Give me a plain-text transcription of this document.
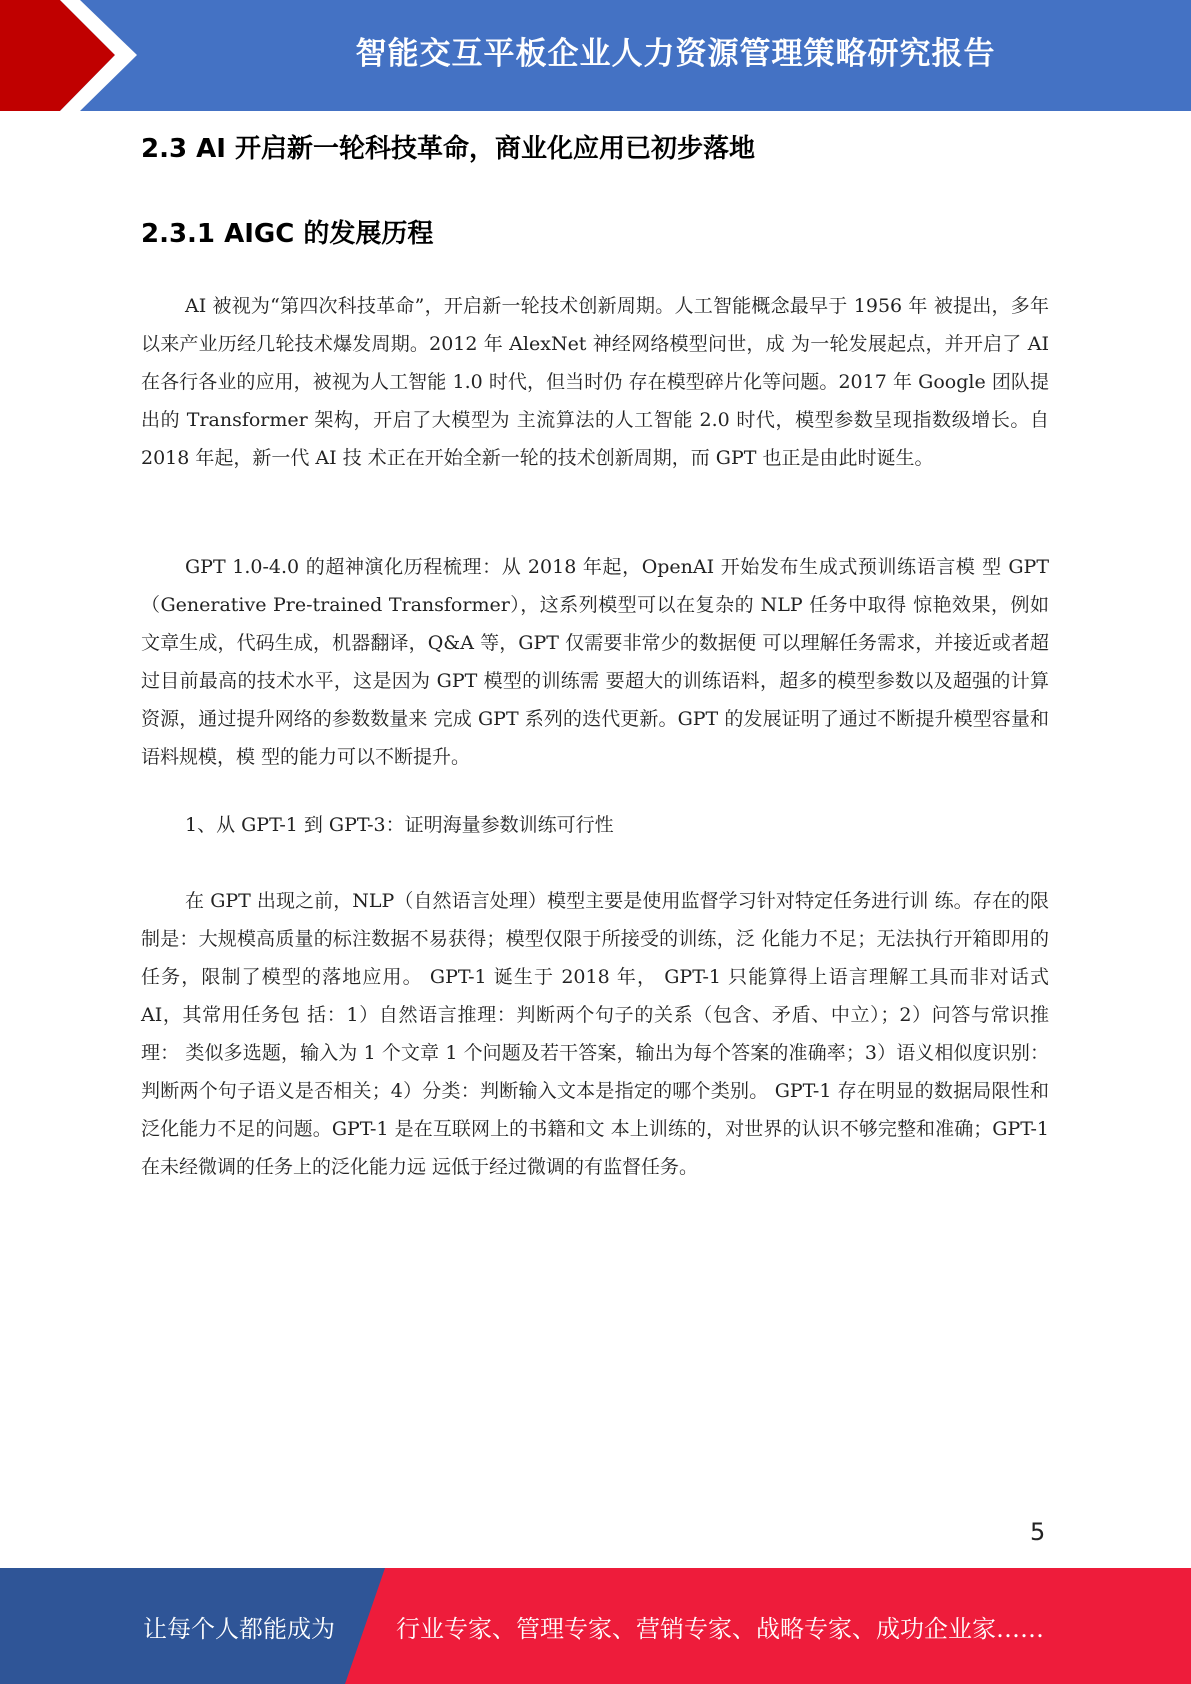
智能交互平板企业人力资源管理策略研究报告
2.3 AI 开启新一轮科技革命，商业化应用已初步落地
2.3.1 AIGC 的发展历程

AI 被视为“第四次科技革命”，开启新一轮技术创新周期。人工智能概念最早于 1956 年 被提出，多年以来产业历经几轮技术爆发周期。2012 年 AlexNet 神经网络模型问世，成 为一轮发展起点，并开启了 AI 在各行各业的应用，被视为人工智能 1.0 时代，但当时仍 存在模型碎片化等问题。2017 年 Google 团队提出的 Transformer 架构，开启了大模型为 主流算法的人工智能 2.0 时代，模型参数呈现指数级增长。自 2018 年起，新一代 AI 技 术正在开始全新一轮的技术创新周期，而 GPT 也正是由此时诞生。

GPT 1.0-4.0 的超神演化历程梳理：从 2018 年起，OpenAI 开始发布生成式预训练语言模 型 GPT（Generative Pre-trained Transformer），这系列模型可以在复杂的 NLP 任务中取得 惊艳效果，例如文章生成，代码生成，机器翻译，Q&A 等，GPT 仅需要非常少的数据便 可以理解任务需求，并接近或者超过目前最高的技术水平，这是因为 GPT 模型的训练需 要超大的训练语料，超多的模型参数以及超强的计算资源，通过提升网络的参数数量来 完成 GPT 系列的迭代更新。GPT 的发展证明了通过不断提升模型容量和语料规模，模 型的能力可以不断提升。

1、从 GPT-1 到 GPT-3：证明海量参数训练可行性

在 GPT 出现之前，NLP（自然语言处理）模型主要是使用监督学习针对特定任务进行训 练。存在的限制是：大规模高质量的标注数据不易获得；模型仅限于所接受的训练，泛 化能力不足；无法执行开箱即用的任务，限制了模型的落地应用。 GPT-1 诞生于 2018 年， GPT-1 只能算得上语言理解工具而非对话式 AI，其常用任务包 括：1）自然语言推理：判断两个句子的关系（包含、矛盾、中立）；2）问答与常识推理： 类似多选题，输入为 1 个文章 1 个问题及若干答案，输出为每个答案的准确率；3）语义相似度识别：判断两个句子语义是否相关；4）分类：判断输入文本是指定的哪个类别。 GPT-1 存在明显的数据局限性和泛化能力不足的问题。GPT-1 是在互联网上的书籍和文 本上训练的，对世界的认识不够完整和准确；GPT-1 在未经微调的任务上的泛化能力远 远低于经过微调的有监督任务。

5
让每个人都能成为	行业专家、管理专家、营销专家、战略专家、成功企业家……
